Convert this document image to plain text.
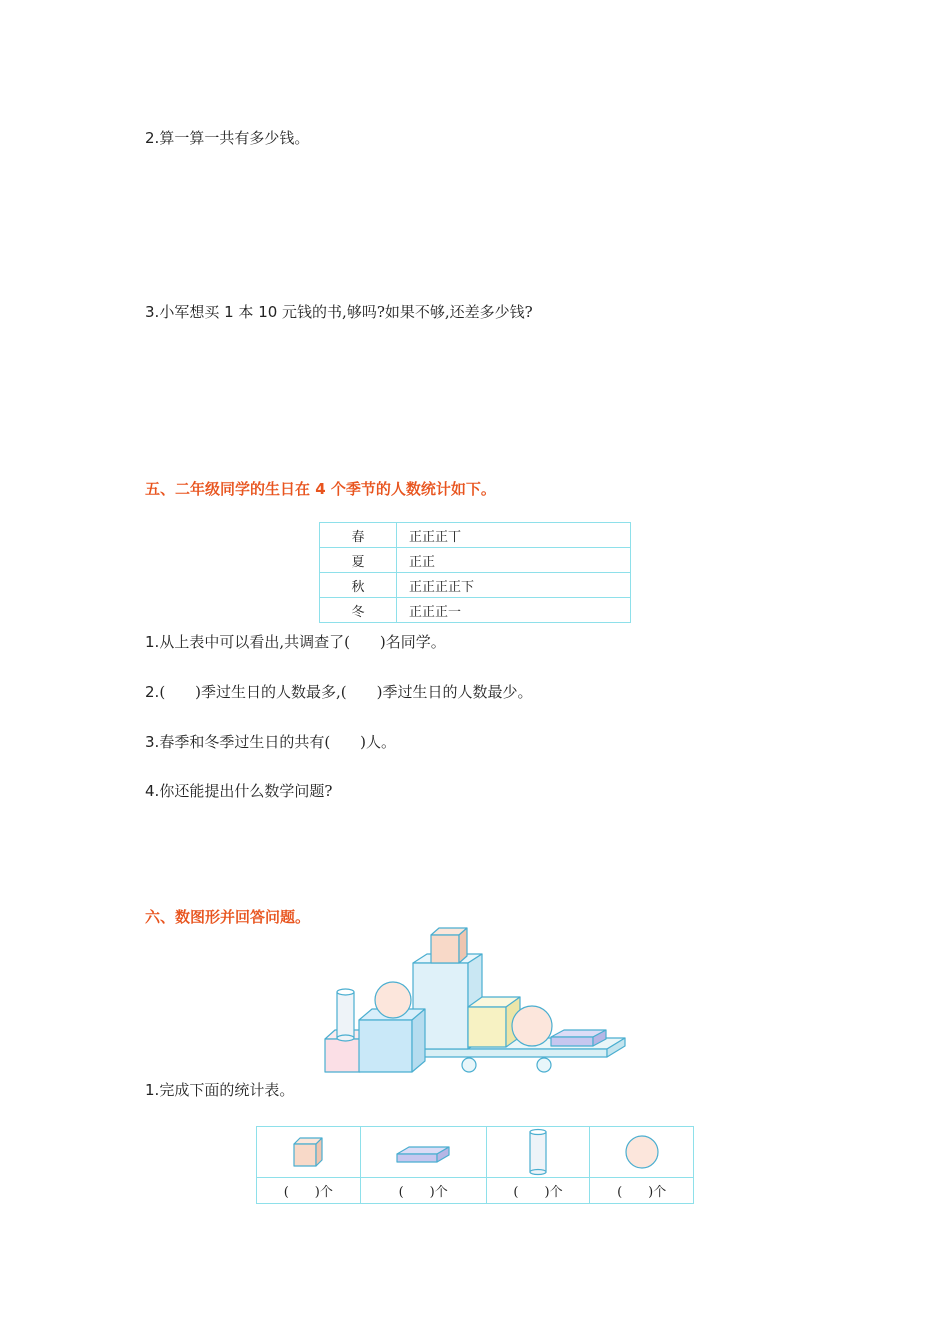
2.算一算一共有多少钱。
3.小军想买 1 本 10 元钱的书,够吗?如果不够,还差多少钱?
五、二年级同学的生日在 4 个季节的人数统计如下。
春	正正正丅
夏	正正
秋	正正正正下
冬	正正正一
1.从上表中可以看出,共调查了(　　)名同学。
2.(　　)季过生日的人数最多,(　　)季过生日的人数最少。
3.春季和冬季过生日的共有(　　)人。
4.你还能提出什么数学问题?
六、数图形并回答问题。
1.完成下面的统计表。

(　　)个	(　　)个	(　　)个	(　　)个
